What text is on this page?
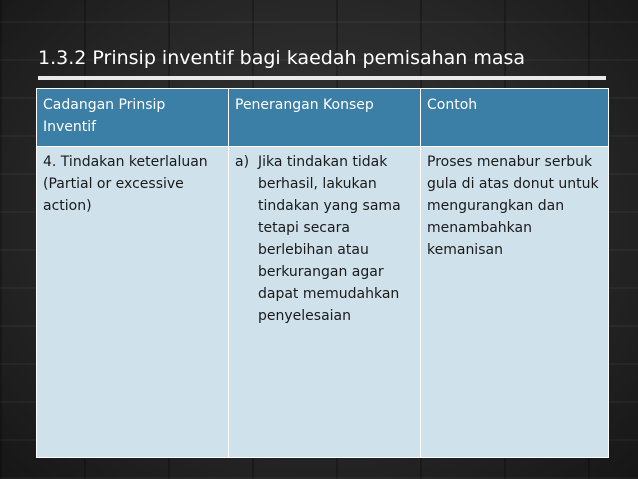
1.3.2 Prinsip inventif bagi kaedah pemisahan masa
Cadangan Prinsip Inventif	Penerangan Konsep	Contoh
4. Tindakan keterlaluan (Partial or excessive action)	a) Jika tindakan tidak berhasil, lakukan tindakan yang sama tetapi secara berlebihan atau berkurangan agar dapat memudahkan penyelesaian	Proses menabur serbuk gula di atas donut untuk mengurangkan dan menambahkan kemanisan
